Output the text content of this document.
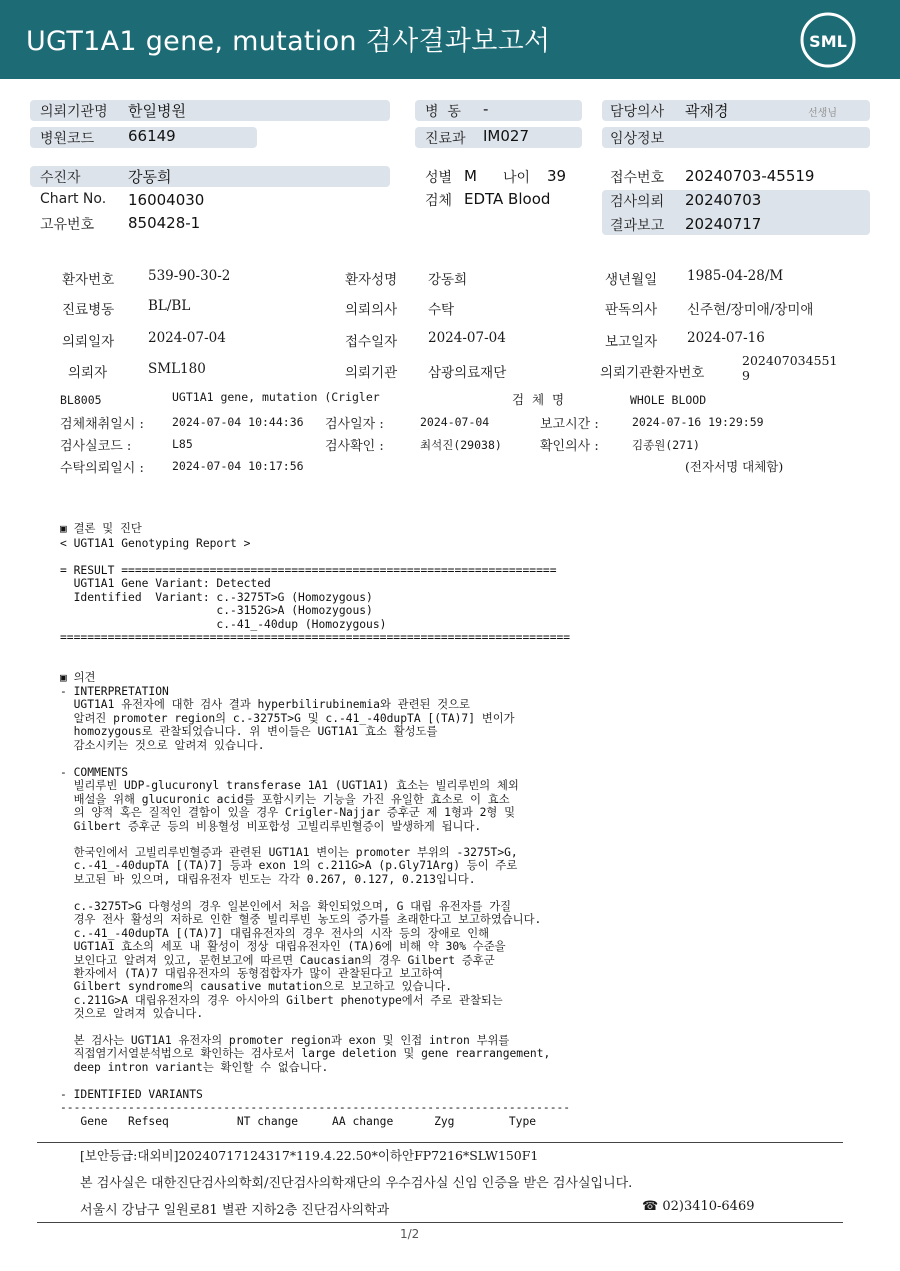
UGT1A1 gene, mutation 검사결과보고서	SML
의뢰기관명 한일병원
병원코드 66149
병  동 -
진료과 IM027
담당의사 곽재경	선생님
임상정보
수진자	강동희
Chart No. 16004030
고유번호 850428-1
성별 M 나이 39
검체 EDTA Blood
접수번호 20240703-45519
검사의뢰 20240703
결과보고 20240717
환자번호	539-90-30-2	환자성명 강동희	생년월일 1985-04-28/M
진료병동	BL/BL	의뢰의사 수탁	판독의사 신주현/장미애/장미애
의뢰일자	2024-07-04	접수일자 2024-07-04	보고일자 2024-07-16
의뢰자	SML180	의뢰기관 삼광의료재단	의뢰기관환자번호
202407034551
9
BL8005	UGT1A1 gene, mutation (Crigler	검  체  명	WHOLE BLOOD
검체채취일시 : 2024-07-04 10:44:36 검사일자 :	2024-07-04	보고시간 :	2024-07-16 19:29:59
검사실코드 :	L85	검사확인 :	최석진(29038)	확인의사 :	김종원(271)
수탁의뢰일시 : 2024-07-04 10:17:56	(전자서명 대체함)
▣ 결론 및 진단
< UGT1A1 Genotyping Report >
= RESULT ================================================================
UGT1A1 Gene Variant: Detected
Identified  Variant: c.-3275T>G (Homozygous)
c.-3152G>A (Homozygous)
c.-41_-40dup (Homozygous)
===========================================================================
▣ 의견
- INTERPRETATION
UGT1A1 유전자에 대한 검사 결과 hyperbilirubinemia와 관련된 것으로
알려진 promoter region의 c.-3275T>G 및 c.-41_-40dupTA [(TA)7] 변이가
homozygous로 관찰되었습니다. 위 변이들은 UGT1A1 효소 활성도를
감소시키는 것으로 알려져 있습니다.
- COMMENTS
빌리루빈 UDP-glucuronyl transferase 1A1 (UGT1A1) 효소는 빌리루빈의 체외
배설을 위해 glucuronic acid를 포함시키는 기능을 가진 유일한 효소로 이 효소
의 양적 혹은 질적인 결함이 있을 경우 Crigler-Najjar 증후군 제 1형과 2형 및
Gilbert 증후군 등의 비용혈성 비포합성 고빌리루빈혈증이 발생하게 됩니다.
한국인에서 고빌리루빈혈증과 관련된 UGT1A1 변이는 promoter 부위의 -3275T>G,
c.-41_-40dupTA [(TA)7] 등과 exon 1의 c.211G>A (p.Gly71Arg) 등이 주로
보고된 바 있으며, 대립유전자 빈도는 각각 0.267, 0.127, 0.213입니다.
c.-3275T>G 다형성의 경우 일본인에서 처음 확인되었으며, G 대립 유전자를 가질
경우 전사 활성의 저하로 인한 혈중 빌리루빈 농도의 증가를 초래한다고 보고하였습니다.
c.-41_-40dupTA [(TA)7] 대립유전자의 경우 전사의 시작 등의 장애로 인해
UGT1A1 효소의 세포 내 활성이 정상 대립유전자인 (TA)6에 비해 약 30% 수준을
보인다고 알려져 있고, 문헌보고에 따르면 Caucasian의 경우 Gilbert 증후군
환자에서 (TA)7 대립유전자의 동형접합자가 많이 관찰된다고 보고하여
Gilbert syndrome의 causative mutation으로 보고하고 있습니다.
c.211G>A 대립유전자의 경우 아시아의 Gilbert phenotype에서 주로 관찰되는
것으로 알려져 있습니다.
본 검사는 UGT1A1 유전자의 promoter region과 exon 및 인접 intron 부위를
직접염기서열분석법으로 확인하는 검사로서 large deletion 및 gene rearrangement,
deep intron variant는 확인할 수 없습니다.
- IDENTIFIED VARIANTS
---------------------------------------------------------------------------
Gene   Refseq          NT change     AA change      Zyg        Type
[보안등급:대외비]20240717124317*119.4.22.50*이하안FP7216*SLW150F1
본 검사실은 대한진단검사의학회/진단검사의학재단의 우수검사실 신임 인증을 받은 검사실입니다.
서울시 강남구 일원로81 별관 지하2층 진단검사의학과	☎ 02)3410-6469
1/2
